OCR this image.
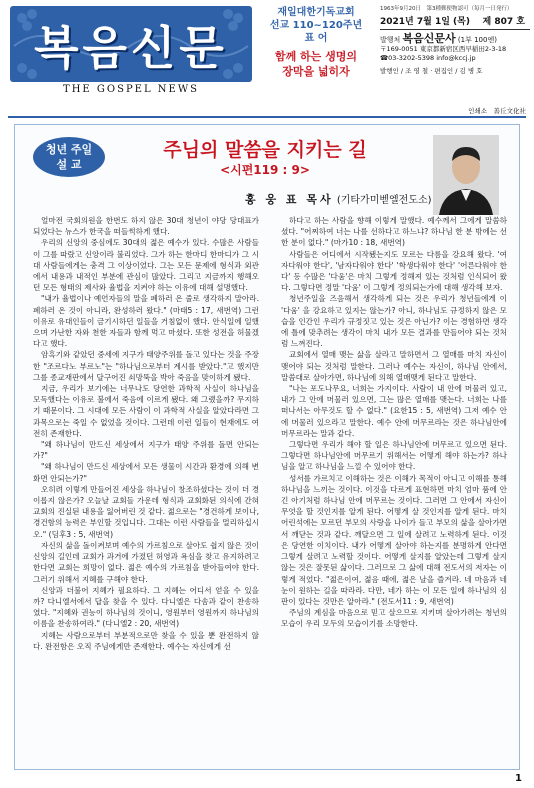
복음신문
THE GOSPEL NEWS
재일대한기독교회
선교 110~120주년
표 어
함께 하는 생명의
장막을 넓히자
1963年9月20日　第3種郵便物認可（毎月一日発行）
2021년 7월 1일 (목) 제 807 호
발행처 복음신문사 (1부 100엔)
〒169-0051 東京都新宿区西早稲田2-3-18
☎03-3202-5398 info@kccj.jp
발행인 / 조 영 철 · 편집인 / 김 병 호
인쇄소　善丘文化社
청년 주일
설 교
주님의 말씀을 지키는 길
<시편119 : 9>
홍 웅 표 목사 (기타가미벧엘전도소)

얼마전 국회의원을 한번도 하지 않은 30대 청년이 야당 당대표가 되었다는 뉴스가 한국을 떠들썩하게 했다.

우리의 신앙의 중심에도 30대의 젊은 예수가 있다. 수많은 사람들이 그를 따랐고 신앙이라 불리었다. 그가 하는 한마디 한마디가 그 시대 사람들에게는 충격 그 이상이었다. 그는 모든 문제에 형식과 외관에서 내용과 내적인 부분에 관심이 많았다. 그리고 지금까지 행해오던 모든 형태의 제사와 율법을 지켜야 하는 이유에 대해 설명했다.

"내가 율법이나 예언자들의 말을 폐하러 온 줄로 생각하지 말아라. 폐하러 온 것이 아니라, 완성하러 왔다." (마태5 : 17, 새번역) 그런 이유로 유대인들이 금기시하던 일들을 거침없이 했다. 안식일에 일했으며 가난한 자와 천한 자들과 함께 먹고 마셨다. 또한 성전을 허물겠다고 했다.

암흑기와 같았던 중세에 지구가 태양주위를 돌고 있다는 것을 주장한 "조르다노 부르노"는 "하나님으로부터 계시를 받았다."고 했지만 그를 종교재판에서 달구어진 쇠망뚝을 박아 죽음을 맞이하게 됐다.

지금, 우리가 보기에는 너무나도 당연한 과학적 사실이 하나님을 모독했다는 이유로 불에서 죽음에 이르게 됐다. 왜 그랬을까? 무지하기 때문이다. 그 시대에 모든 사람이 이 과학적 사실을 알았다라면 그 과목으로는 죽일 수 없었을 것이다. 그런데 이런 일들이 현재에도 여전히 존재한다.

"왜 하나님이 만드신 세상에서 지구가 태양 주위를 돌면 안되는가?"

"왜 하나님이 만드신 세상에서 모든 생물이 시간과 환경에 의해 변화면 안되는가?"

오히려 이렇게 만들어진 세상을 하나님이 창조하셨다는 것이 더 경이롭지 않은가? 오늘날 교회들 가운데 형식과 교회화된 의식에 간혀 교회의 진실된 내용을 잃어버린 것 같다. 젊으로는 "경건하게 보이나, 경건함의 능력은 부인할 것입니다. 그대는 이런 사람들을 멀리하십시오." (딤후3 : 5, 새번역)

자신의 삶을 돌이켜보며 예수의 가르침으로 살아도 쉽지 않은 것이 신앙의 길인데 교회가 과거에 가졌던 허영과 욕심을 찾고 유지하려고 한다면 교회는 희망이 없다. 젊은 예수의 가르침을 받아들여야 한다. 그러기 위해서 지혜를 구해야 한다.

신앙과 더불어 지혜가 필요하다. 그 지혜는 어디서 얻을 수 있을까? 다니엘서에서 답을 찾을 수 있다. 다니엘은 다솜과 같이 찬송하였다. "지혜와 권능이 하나님의 것이니, 영원부터 영원까지 하나님의 이름을 찬송하여라." (다니엘2 : 20, 새번역)

지혜는 사람으로부터 부분적으로만 찾을 수 있을 뿐 완전하지 않다. 완전함은 오직 주님에게만 존재한다. 예수는 자신에게 선

하다고 하는 사람을 향해 이렇게 말했다. 예수께서 그에게 말씀하셨다. "어찌하여 너는 나를 선하다고 하느냐? 하나님 한 분 밖에는 선한 분이 없다." (마가10 : 18, 새번역)

사람들은 어디에서 시작됐는지도 모르는 다름을 강요해 왔다. '여자다워야 한다', '남자다워야 한다' '학생다워야 한다' '어른다워야 한다' 등 수많은 '다움'은 마치 그렇게 정해져 있는 것처럼 인식되어 왔다. 그렇다면 정말 '다움' 이 그렇게 정의되는가에 대해 생각해 보자.

청년주일을 즈음해서 생각하게 되는 것은 우리가 청년들에게 이 '다움' 을 강요하고 있지는 않는가? 아니, 하나님도 규정하지 않은 모습을 인간인 우리가 규정짓고 있는 것은 아닌가? 이는 경험하면 생각에 틀에 맞추려는 생각이 마치 내가 모든 결과를 만들어야 되는 것처럼 느껴진다.

교회에서 열매 맺는 삶을 살라고 말하면서 그 열매를 마치 자신이 맺어야 되는 것처럼 말한다. 그러나 예수는 자신이, 하나님 안에서, 말씀대로 살아가면, 하나님에 의해 열매맺게 된다고 말한다.

"나는 포도나무요, 너희는 가지이다. 사람이 내 안에 머물러 있고, 내가 그 안에 머물러 있으면, 그는 많은 열매를 맺는다. 너희는 나를 떠나서는 아무것도 할 수 없다." (요한15 : 5, 새번역) 그저 예수 안에 머물러 있으라고 말한다. 예수 안에 머무르라는 것은 하나님안에 머무르라는 말과 같다.

그렇다면 우리가 해야 할 일은 하나님안에 머무르고 있으면 된다. 그렇다면 하나님안에 머무르기 위해서는 어떻게 해야 하는가? 하나님을 알고 하나님을 느낄 수 있어야 한다.

성서를 가르치고 이해하는 것은 이해가 목적이 아니고 이해를 통해 하나님을 느끼는 것이다. 이것을 다르게 표현하면 마치 엄마 품에 안긴 아기처럼 하나님 안에 머무르는 것이다. 그러면 그 안에서 자신이 무엇을 할 것인지를 알게 된다. 어떻게 살 것인지를 알게 된다. 마치 어린석에는 모르던 부모의 사랑을 나이가 들고 부모의 삶을 살아가면서 깨닫는 것과 같다. 깨달으면 그 일에 살려고 노력하게 된다. 이것은 당연한 이치이다. 내가 어떻게 살아야 하는지를 분명하게 안다면 그렇게 살려고 노력할 것이다. 어떻게 살지를 알았는데 그렇게 살지 않는 것은 잘못된 삶이다. 그러므로 그 삶에 대해 전도서의 저자는 이렇게 적었다. "젊은이여, 젊음 때에, 젊은 날을 즐겨라. 네 마음과 네 눈이 원하는 길을 따라라. 다만, 네가 하는 이 모든 일에 하나님의 심판이 있다는 것만은 알아라." (전도서11 : 9, 새번역)

주님의 계심을 마음으로 믿고 살으므로 지키며 살아가려는 청년의 모습이 우리 모두의 모습이기를 소망한다.

1
